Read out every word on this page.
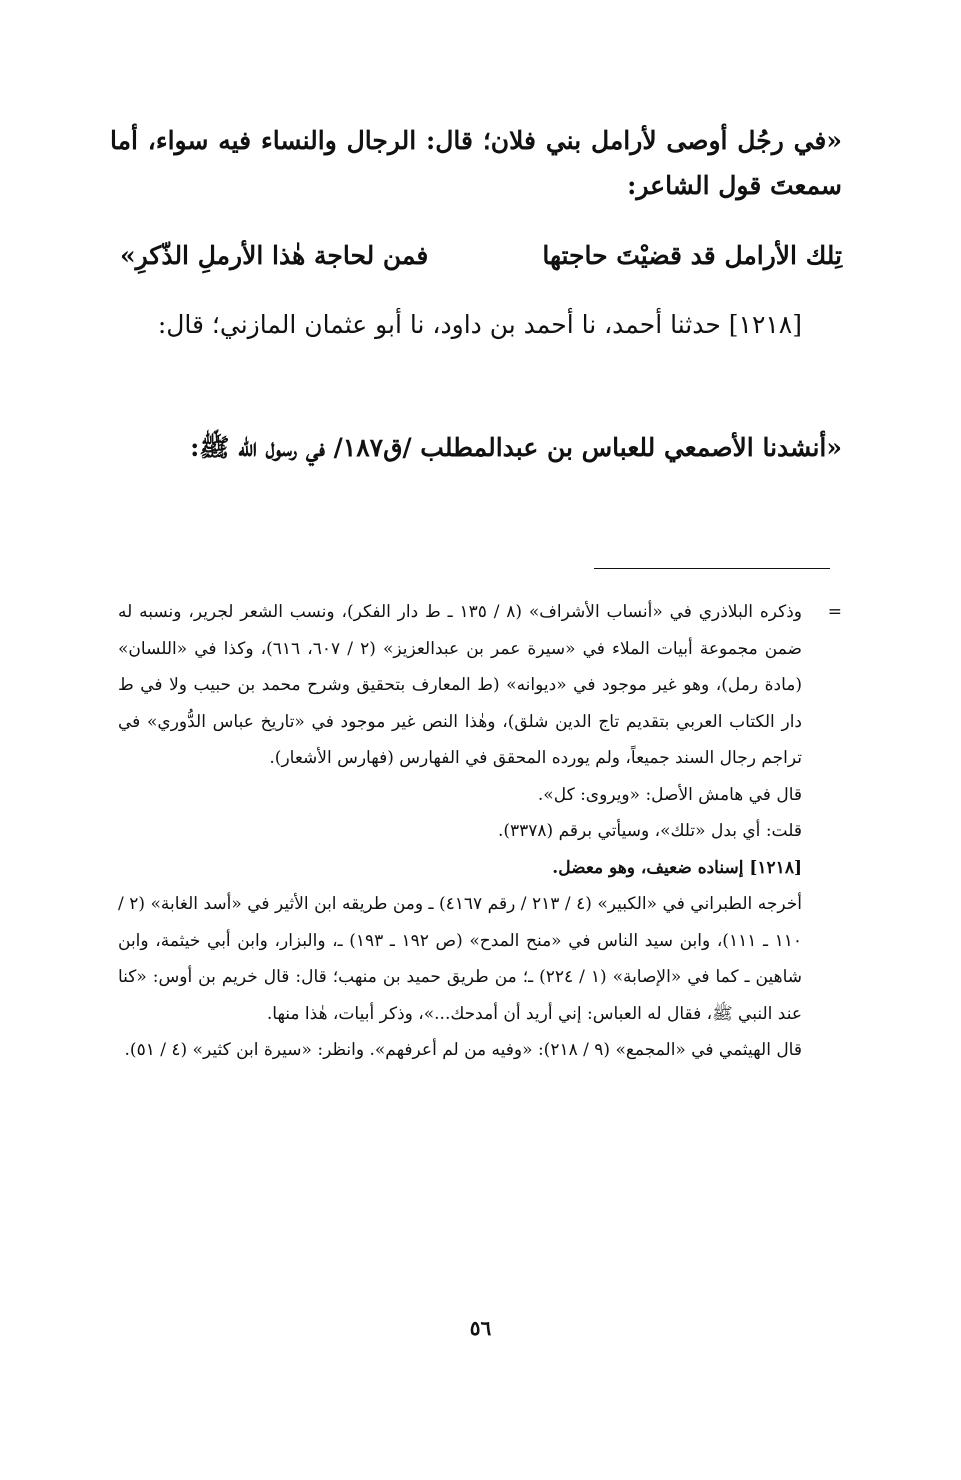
«في رجُل أوصى لأرامل بني فلان؛ قال: الرجال والنساء فيه سواء، أما سمعتَ قول الشاعر:

تِلك الأرامل قد قضيْتَ حاجتها
فمن لحاجة هٰذا الأرملِ الذّكرِ»

[١٢١٨] حدثنا أحمد، نا أحمد بن داود، نا أبو عثمان المازني؛ قال:

«أنشدنا الأصمعي للعباس بن عبدالمطلب /ق١٨٧/ في رسول الله ﷺ:

=
وذكره البلاذري في «أنساب الأشراف» (٨ / ١٣٥ ـ ط دار الفكر)، ونسب الشعر لجرير، ونسبه له ضمن مجموعة أبيات الملاء في «سيرة عمر بن عبدالعزيز» (٢ / ٦٠٧، ٦١٦)، وكذا في «اللسان» (مادة رمل)، وهو غير موجود في «ديوانه» (ط المعارف بتحقيق وشرح محمد بن حبيب ولا في ط دار الكتاب العربي بتقديم تاج الدين شلق)، وهٰذا النص غير موجود في «تاريخ عباس الدُّوري» في تراجم رجال السند جميعاً، ولم يورده المحقق في الفهارس (فهارس الأشعار).

قال في هامش الأصل: «ويروى: كل».

قلت: أي بدل «تلك»، وسيأتي برقم (٣٣٧٨).

[١٢١٨] إسناده ضعيف، وهو معضل.

أخرجه الطبراني في «الكبير» (٤ / ٢١٣ / رقم ٤١٦٧) ـ ومن طريقه ابن الأثير في «أسد الغابة» (٢ / ١١٠ ـ ١١١)، وابن سيد الناس في «منح المدح» (ص ١٩٢ ـ ١٩٣) ـ، والبزار، وابن أبي خيثمة، وابن شاهين ـ كما في «الإصابة» (١ / ٢٢٤) ـ؛ من طريق حميد بن منهب؛ قال: قال خريم بن أوس: «كنا عند النبي ﷺ، فقال له العباس: إني أريد أن أمدحك...»، وذكر أبيات، هٰذا منها.

قال الهيثمي في «المجمع» (٩ / ٢١٨): «وفيه من لم أعرفهم». وانظر: «سيرة ابن كثير» (٤ / ٥١).

٥٦
